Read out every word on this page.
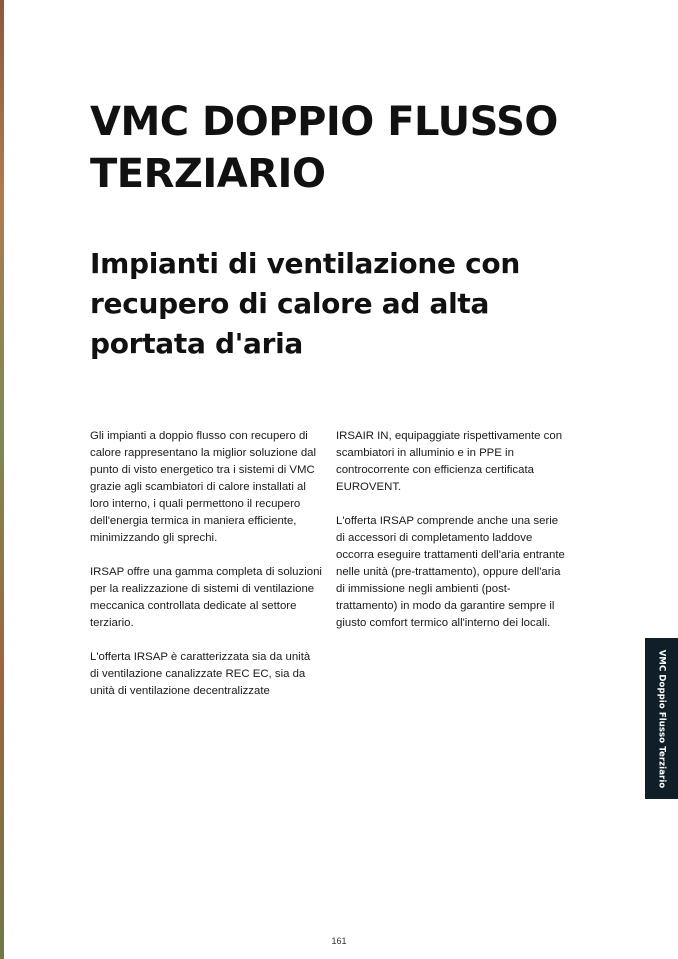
VMC DOPPIO FLUSSO TERZIARIO
Impianti di ventilazione con recupero di calore ad alta portata d'aria

Gli impianti a doppio flusso con recupero di calore rappresentano la miglior soluzione dal punto di visto energetico tra i sistemi di VMC grazie agli scambiatori di calore installati al loro interno, i quali permettono il recupero dell'energia termica in maniera efficiente, minimizzando gli sprechi.

IRSAP offre una gamma completa di soluzioni per la realizzazione di sistemi di ventilazione meccanica controllata dedicate al settore terziario.

L'offerta IRSAP è caratterizzata sia da unità di ventilazione canalizzate REC EC, sia da unità di ventilazione decentralizzate

IRSAIR IN, equipaggiate rispettivamente con scambiatori in alluminio e in PPE in controcorrente con efficienza certificata EUROVENT.

L'offerta IRSAP comprende anche una serie di accessori di completamento laddove occorra eseguire trattamenti dell'aria entrante nelle unità (pre-trattamento), oppure dell'aria di immissione negli ambienti (post-trattamento) in modo da garantire sempre il giusto comfort termico all'interno dei locali.

VMC Doppio Flusso Terziario
161
